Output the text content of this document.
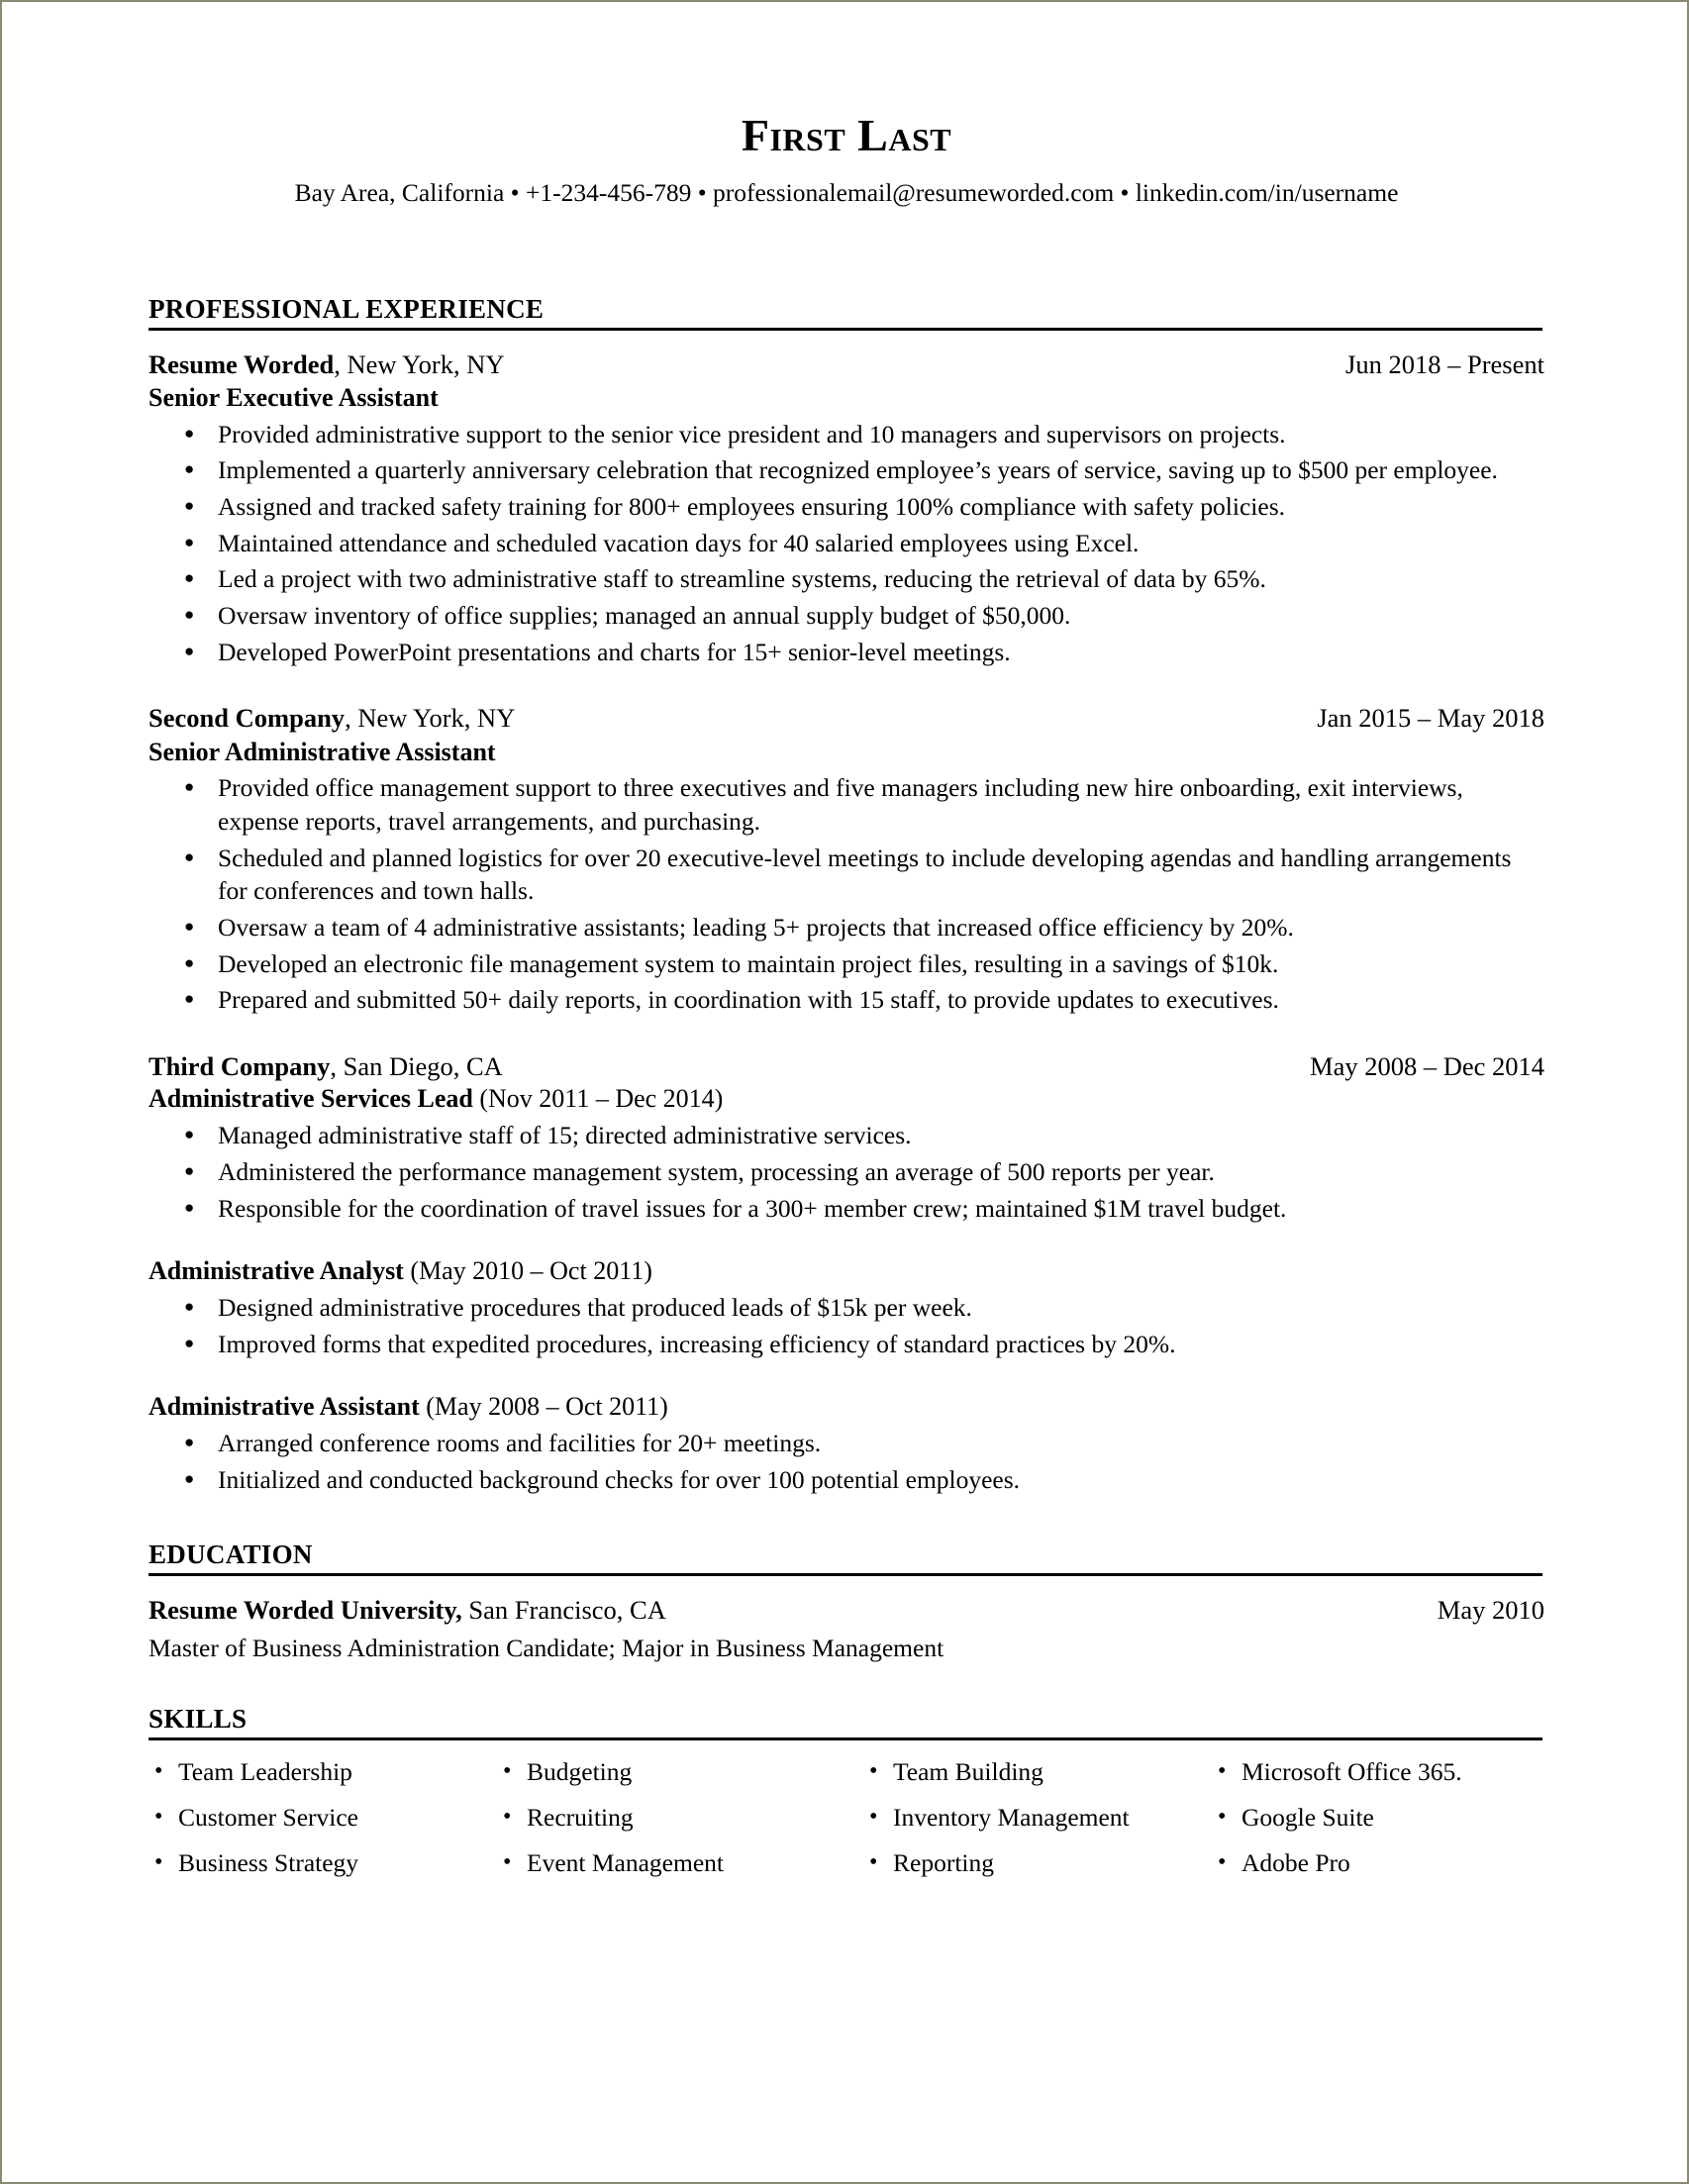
First Last
Bay Area, California • +1-234-456-789 • professionalemail@resumeworded.com • linkedin.com/in/username
PROFESSIONAL EXPERIENCE
Resume Worded, New York, NY	Jun 2018 – Present
Senior Executive Assistant
● Provided administrative support to the senior vice president and 10 managers and supervisors on projects.
● Implemented a quarterly anniversary celebration that recognized employee’s years of service, saving up to $500 per employee.
● Assigned and tracked safety training for 800+ employees ensuring 100% compliance with safety policies.
● Maintained attendance and scheduled vacation days for 40 salaried employees using Excel.
● Led a project with two administrative staff to streamline systems, reducing the retrieval of data by 65%.
● Oversaw inventory of office supplies; managed an annual supply budget of $50,000.
● Developed PowerPoint presentations and charts for 15+ senior-level meetings.
Second Company, New York, NY	Jan 2015 – May 2018
Senior Administrative Assistant
● Provided office management support to three executives and five managers including new hire onboarding, exit interviews, expense reports, travel arrangements, and purchasing.
● Scheduled and planned logistics for over 20 executive-level meetings to include developing agendas and handling arrangements for conferences and town halls.
● Oversaw a team of 4 administrative assistants; leading 5+ projects that increased office efficiency by 20%.
● Developed an electronic file management system to maintain project files, resulting in a savings of $10k.
● Prepared and submitted 50+ daily reports, in coordination with 15 staff, to provide updates to executives.
Third Company, San Diego, CA	May 2008 – Dec 2014
Administrative Services Lead (Nov 2011 – Dec 2014)
● Managed administrative staff of 15; directed administrative services.
● Administered the performance management system, processing an average of 500 reports per year.
● Responsible for the coordination of travel issues for a 300+ member crew; maintained $1M travel budget.
Administrative Analyst (May 2010 – Oct 2011)
● Designed administrative procedures that produced leads of $15k per week.
● Improved forms that expedited procedures, increasing efficiency of standard practices by 20%.
Administrative Assistant (May 2008 – Oct 2011)
● Arranged conference rooms and facilities for 20+ meetings.
● Initialized and conducted background checks for over 100 potential employees.
EDUCATION
Resume Worded University, San Francisco, CA	May 2010
Master of Business Administration Candidate; Major in Business Management
SKILLS
• Team Leadership	• Budgeting	• Team Building	• Microsoft Office 365.
• Customer Service	• Recruiting	• Inventory Management	• Google Suite
• Business Strategy	• Event Management	• Reporting	• Adobe Pro
